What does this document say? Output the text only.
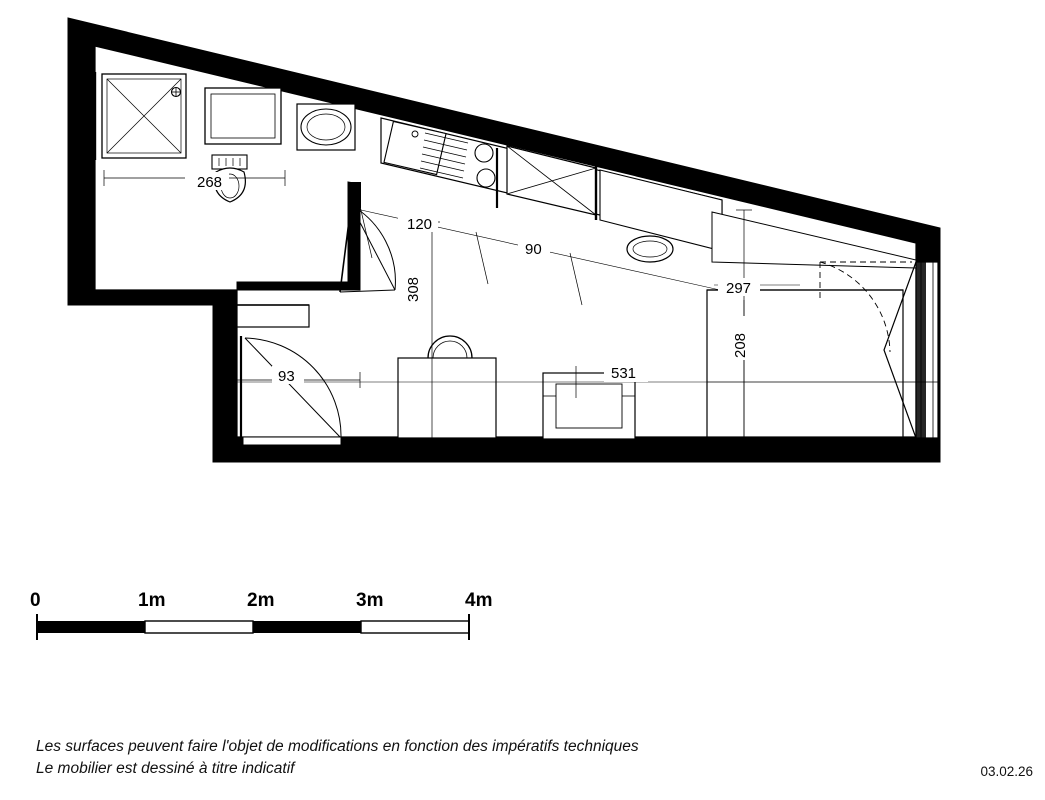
268
120
90
308	297
208
93	531
0	1m	2m	3m	4m
Les surfaces peuvent faire l'objet de modifications en fonction des impératifs techniques
Le mobilier est dessiné à titre indicatif	03.02.26
